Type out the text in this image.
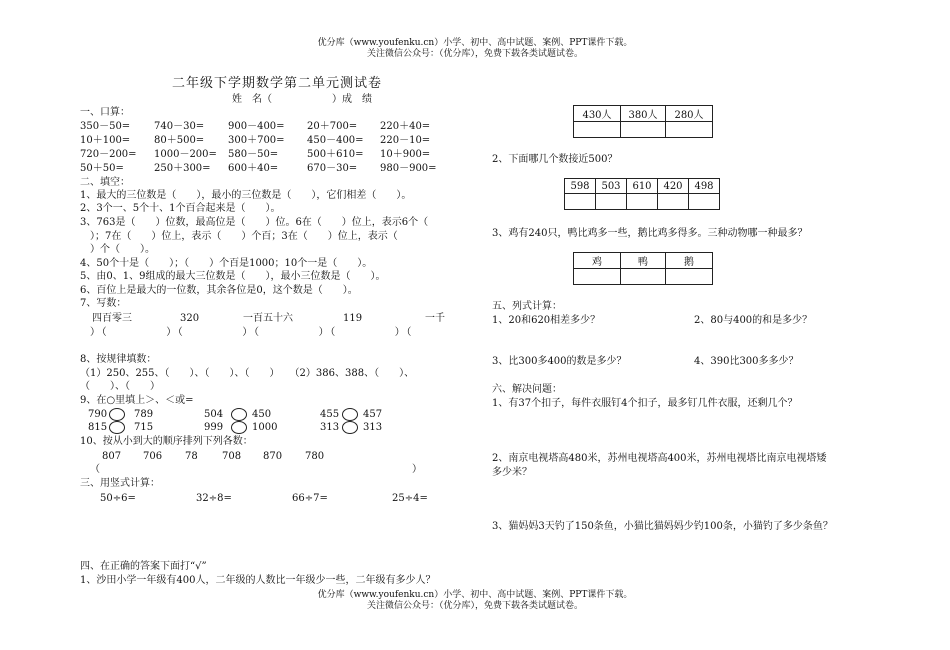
优分库（www.youfenku.cn）小学、初中、高中试题、案例、PPT课件下载。
关注微信公众号：（优分库），免费下载各类试题试卷。
优分库（www.youfenku.cn）小学、初中、高中试题、案例、PPT课件下载。
关注微信公众号：（优分库），免费下载各类试题试卷。
二年级下学期数学第二单元测试卷
姓　名（　　　　　　）成　绩
一、口算：
350－50= 740－30= 900－400= 20＋700= 220＋40=
10＋100= 80＋500= 300＋700= 450－400= 220－10=
720－200= 1000－200= 580－50=	500＋610= 10＋900=
50＋50=	250＋300= 600＋40=	670－30= 980－900=
二、填空：
1、最大的三位数是（　　），最小的三位数是（　　），它们相差（　　）。
2、3个一、5个十、1个百合起来是（　　）。
3、763是（　　）位数，最高位是（　　）位。6在（　　）位上，表示6个（
　）；7在（　　）位上，表示（　　）个百；3在（　　）位上，表示（
　）个（　　）。
4、50个十是（　　）；（　　）个百是1000；10个一是（　　）。
5、由0、1、9组成的最大三位数是（　　），最小三位数是（　　）。
6、百位上是最大的一位数，其余各位是0，这个数是（　　）。
7、写数：
四百零三	320	一百五十六	119	一千
）（　　　　　）（　　　　　）（　　　　　）（　　　　　）（
8、按规律填数：
（1）250、255、（　　）、（　　）、（　　）　　（2）386、388、（　　）、
（　　）、（　　）
9、在○里填上＞、＜或=
790	789	504	450	455 457
815	715	999	1000	313 313
10、按从小到大的顺序排列下列各数：
807 706 78 708 870 780
（	）
三、用竖式计算：
50÷6=	32÷8=	66÷7=	25÷4=
四、在正确的答案下面打“√”
1、沙田小学一年级有400人，二年级的人数比一年级少一些，二年级有多少人？
430人	380人	280人

2、下面哪几个数接近500？
598	503	610	420	498

3、鸡有240只，鸭比鸡多一些，鹅比鸡多得多。三种动物哪一种最多？
鸡	鸭	鹅

五、列式计算：
1、20和620相差多少？	2、80与400的和是多少？
3、比300多400的数是多少？	4、390比300多多少？
六、解决问题：
1、有37个扣子，每件衣服钉4个扣子，最多钉几件衣服，还剩几个？
2、南京电视塔高480米，苏州电视塔高400米，苏州电视塔比南京电视塔矮
多少米？
3、猫妈妈3天钓了150条鱼，小猫比猫妈妈少钓100条，小猫钓了多少条鱼？
